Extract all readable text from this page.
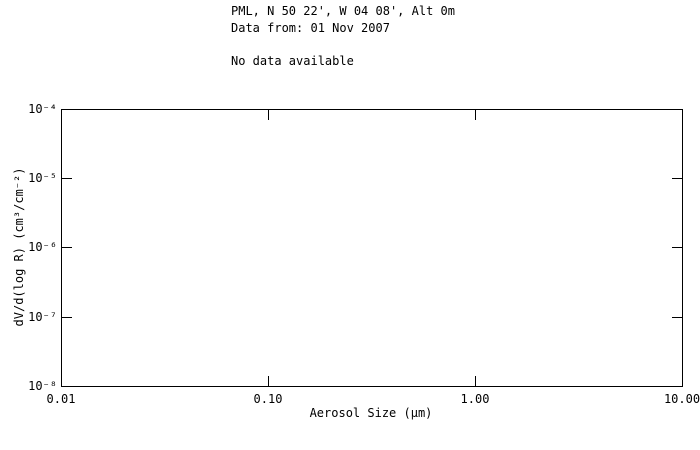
PML, N 50 22', W 04 08', Alt 0m
Data from: 01 Nov 2007
No data available
10⁻⁴
10⁻⁵
10⁻⁶
10⁻⁷
10⁻⁸
0.01	0.10	1.00	10.00
dV/d(log R) (cm³/cm⁻²)
Aerosol Size (μm)
